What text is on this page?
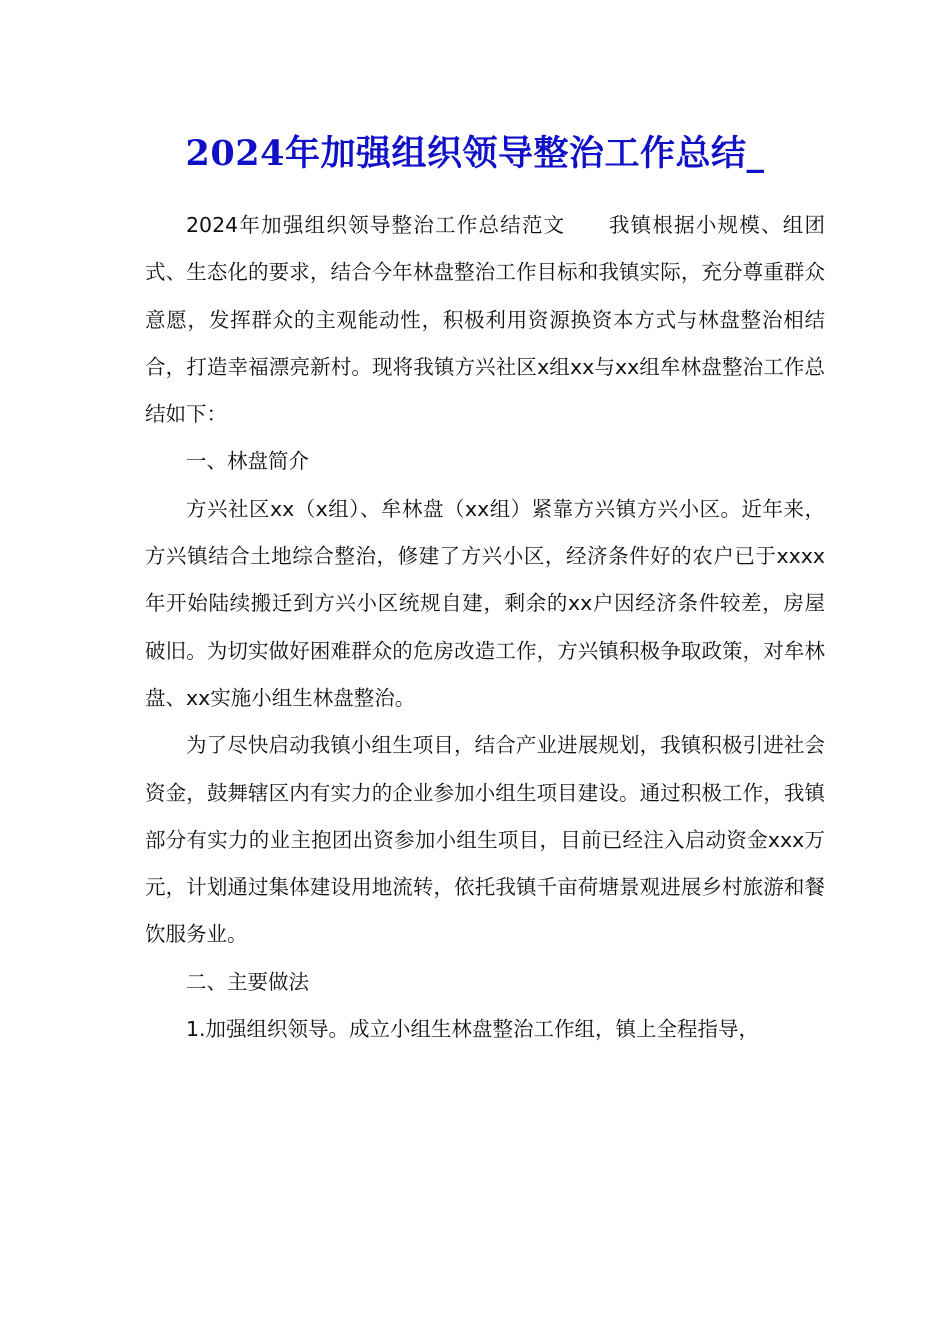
2024年加强组织领导整治工作总结_

2024年加强组织领导整治工作总结范文　　我镇根据小规模、组团式、生态化的要求，结合今年林盘整治工作目标和我镇实际，充分尊重群众意愿，发挥群众的主观能动性，积极利用资源换资本方式与林盘整治相结合，打造幸福漂亮新村。现将我镇方兴社区x组xx与xx组牟林盘整治工作总结如下：

一、林盘简介

方兴社区xx（x组）、牟林盘（xx组）紧靠方兴镇方兴小区。近年来，方兴镇结合土地综合整治，修建了方兴小区，经济条件好的农户已于xxxx年开始陆续搬迁到方兴小区统规自建，剩余的xx户因经济条件较差，房屋破旧。为切实做好困难群众的危房改造工作，方兴镇积极争取政策，对牟林盘、xx实施小组生林盘整治。

为了尽快启动我镇小组生项目，结合产业进展规划，我镇积极引进社会资金，鼓舞辖区内有实力的企业参加小组生项目建设。通过积极工作，我镇部分有实力的业主抱团出资参加小组生项目，目前已经注入启动资金xxx万元，计划通过集体建设用地流转，依托我镇千亩荷塘景观进展乡村旅游和餐饮服务业。

二、主要做法

1.加强组织领导。成立小组生林盘整治工作组，镇上全程指导，
